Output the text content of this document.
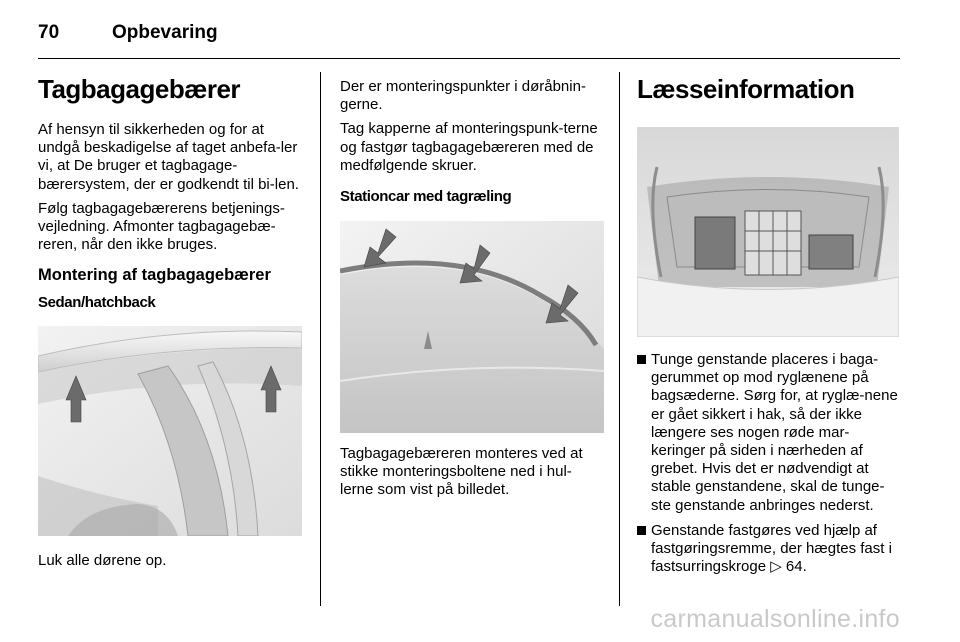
70	Opbevaring
Tagbagagebærer

Af hensyn til sikkerheden og for at undgå beskadigelse af taget anbefa-ler vi, at De bruger et tagbagage-bærersystem, der er godkendt til bi-len.

Følg tagbagagebærerens betjenings-vejledning. Afmonter tagbagagebæ-reren, når den ikke bruges.

Montering af tagbagagebærer
Sedan/hatchback

Luk alle dørene op.

Der er monteringspunkter i døråbnin-gerne.

Tag kapperne af monteringspunk-terne og fastgør tagbagagebæreren med de medfølgende skruer.

Stationcar med tagræling

Tagbagagebæreren monteres ved at stikke monteringsboltene ned i hul-lerne som vist på billedet.

Læsseinformation
Tunge genstande placeres i baga-gerummet op mod ryglænene på bagsæderne. Sørg for, at ryglæ-nene er gået sikkert i hak, så der ikke længere ses nogen røde mar-keringer på siden i nærheden af grebet. Hvis det er nødvendigt at stable genstandene, skal de tunge-ste genstande anbringes nederst.
Genstande fastgøres ved hjælp af fastgøringsremme, der hægtes fast i fastsurringskroge ▷ 64.
carmanualsonline.info
